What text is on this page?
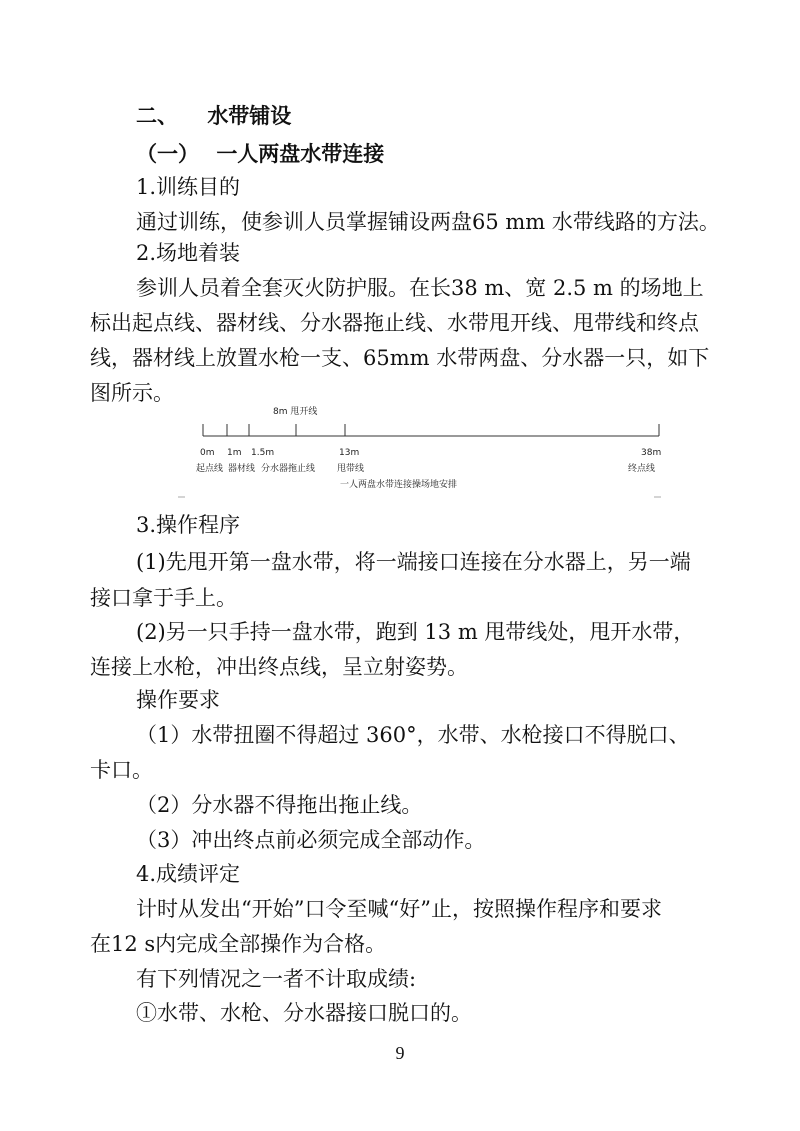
二、 水带铺设
（一） 一人两盘水带连接
1.训练目的
通过训练，使参训人员掌握铺设两盘65 mm 水带线路的方法。
2.场地着装
参训人员着全套灭火防护服。在长38 m、宽 2.5 m 的场地上
标出起点线、器材线、分水器拖止线、水带甩开线、甩带线和终点
线，器材线上放置水枪一支、65mm 水带两盘、分水器一只，如下
图所示。
8m 甩开线
0m 1m 1.5m	13m	38m
起点线 器材线 分水器拖止线 甩带线	终点线
一人两盘水带连接操场地安排
3.操作程序
(1)先甩开第一盘水带，将一端接口连接在分水器上，另一端
接口拿于手上。
(2)另一只手持一盘水带，跑到 13 m 甩带线处，甩开水带，
连接上水枪，冲出终点线，呈立射姿势。
操作要求
（1）水带扭圈不得超过 360°，水带、水枪接口不得脱口、
卡口。
（2）分水器不得拖出拖止线。
（3）冲出终点前必须完成全部动作。
4.成绩评定
计时从发出“开始”口令至喊“好”止，按照操作程序和要求
在12 s内完成全部操作为合格。
有下列情况之一者不计取成绩:
①水带、水枪、分水器接口脱口的。
9
